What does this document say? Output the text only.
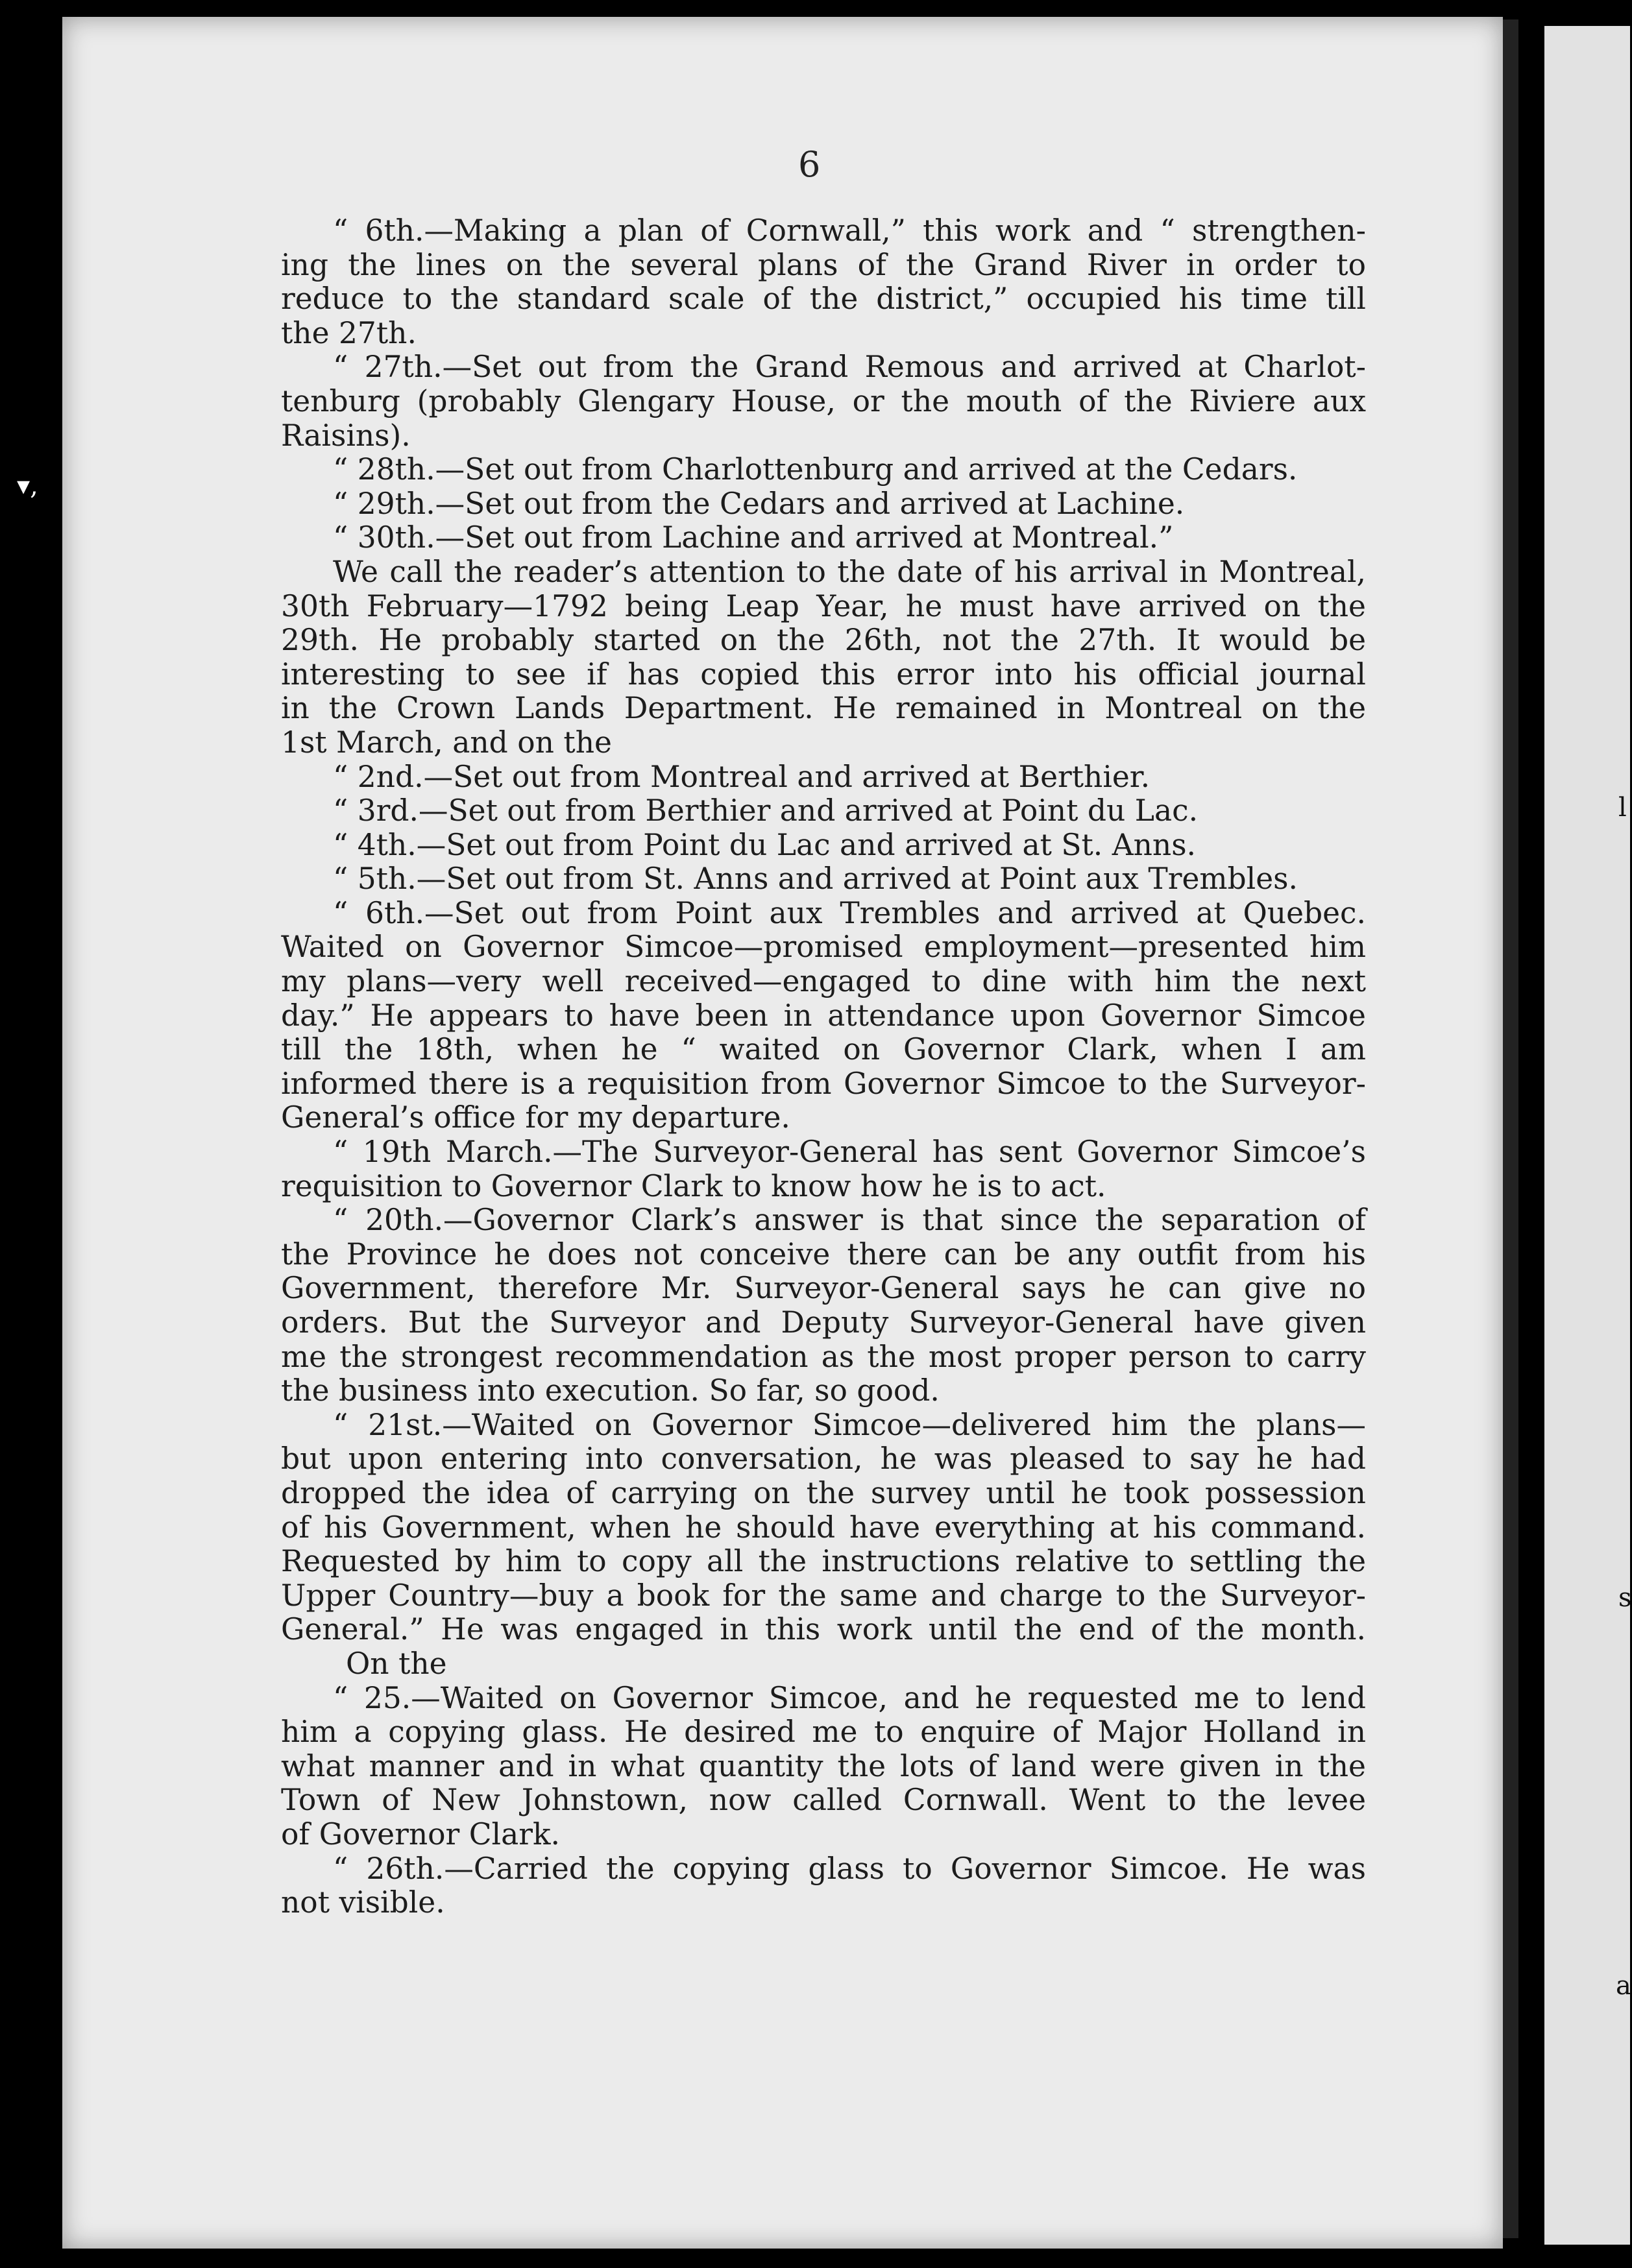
▾,
l
s
a
6
“ 6th.—Making a plan of Cornwall,” this work and “ strengthen-
ing the lines on the several plans of the Grand River in order to
reduce to the standard scale of the district,” occupied his time till
the 27th.
“ 27th.—Set out from the Grand Remous and arrived at Charlot-
tenburg (probably Glengary House, or the mouth of the Riviere aux
Raisins).
“ 28th.—Set out from Charlottenburg and arrived at the Cedars.
“ 29th.—Set out from the Cedars and arrived at Lachine.
“ 30th.—Set out from Lachine and arrived at Montreal.”
We call the reader’s attention to the date of his arrival in Montreal,
30th February—1792 being Leap Year, he must have arrived on the
29th. He probably started on the 26th, not the 27th. It would be
interesting to see if has copied this error into his official journal
in the Crown Lands Department. He remained in Montreal on the
1st March, and on the
“ 2nd.—Set out from Montreal and arrived at Berthier.
“ 3rd.—Set out from Berthier and arrived at Point du Lac.
“ 4th.—Set out from Point du Lac and arrived at St. Anns.
“ 5th.—Set out from St. Anns and arrived at Point aux Trembles.
“ 6th.—Set out from Point aux Trembles and arrived at Quebec.
Waited on Governor Simcoe—promised employment—presented him
my plans—very well received—engaged to dine with him the next
day.” He appears to have been in attendance upon Governor Simcoe
till the 18th, when he “ waited on Governor Clark, when I am
informed there is a requisition from Governor Simcoe to the Surveyor-
General’s office for my departure.
“ 19th March.—The Surveyor-General has sent Governor Simcoe’s
requisition to Governor Clark to know how he is to act.
“ 20th.—Governor Clark’s answer is that since the separation of
the Province he does not conceive there can be any outfit from his
Government, therefore Mr. Surveyor-General says he can give no
orders. But the Surveyor and Deputy Surveyor-General have given
me the strongest recommendation as the most proper person to carry
the business into execution. So far, so good.
“ 21st.—Waited on Governor Simcoe—delivered him the plans—
but upon entering into conversation, he was pleased to say he had
dropped the idea of carrying on the survey until he took possession
of his Government, when he should have everything at his command.
Requested by him to copy all the instructions relative to settling the
Upper Country—buy a book for the same and charge to the Surveyor-
General.” He was engaged in this work until the end of the month.
On the
“ 25.—Waited on Governor Simcoe, and he requested me to lend
him a copying glass. He desired me to enquire of Major Holland in
what manner and in what quantity the lots of land were given in the
Town of New Johnstown, now called Cornwall. Went to the levee
of Governor Clark.
“ 26th.—Carried the copying glass to Governor Simcoe. He was
not visible.
